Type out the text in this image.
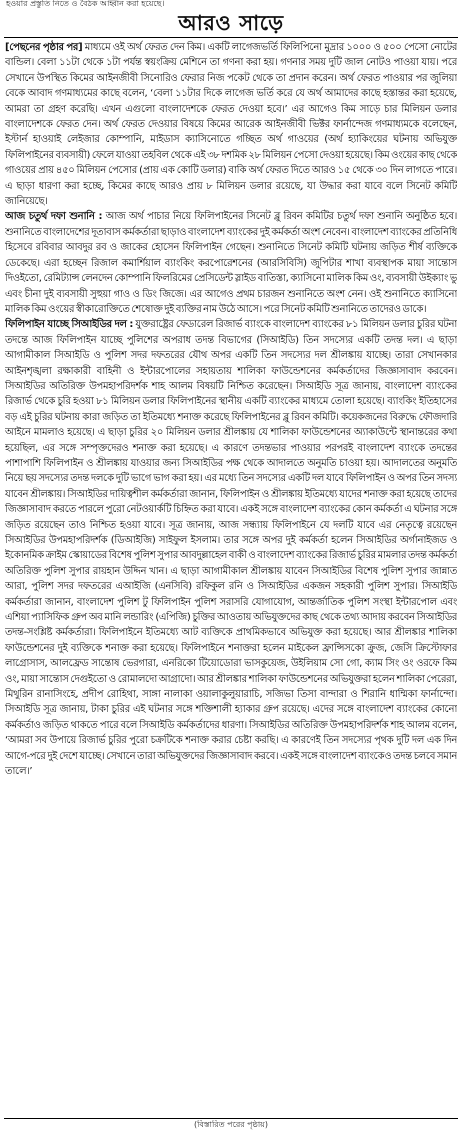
হওয়ার প্রস্তুতি নিতে ও বৈঠক আহ্বান করা হয়েছে।
আরও সাড়ে

[পেছনের পৃষ্ঠার পর] মাধ্যমে ওই অর্থ ফেরত দেন কিম। একটি লাগেজভর্তি ফিলিপিনো মুদ্রার ১০০০ ও ৫০০ পেসো নোটের বান্ডিল। বেলা ১১টা থেকে ১টা পর্যন্ত স্বয়ংক্রিয় মেশিনে তা গণনা করা হয়। গণনার সময় দুটি জাল নোটও পাওয়া যায়। পরে সেখানে উপস্থিত কিমের আইনজীবী সিনোরিও ফেরার নিজ পকেট থেকে তা প্রদান করেন। অর্থ ফেরত পাওয়ার পর জুলিয়া বেকে আবাদ গণমাধ্যমের কাছে বলেন, ‘বেলা ১১টার দিকে লাগেজ ভর্তি করে যে অর্থ আমাদের কাছে হস্তান্তর করা হয়েছে, আমরা তা গ্রহণ করেছি। এখন এগুলো বাংলাদেশকে ফেরত দেওয়া হবে।’ এর আগেও কিম সাড়ে চার মিলিয়ন ডলার বাংলাদেশকে ফেরত দেন। অর্থ ফেরত দেওয়ার বিষয়ে কিমের আরেক আইনজীবী ভিক্টর ফার্নান্দেজ গণমাধ্যমকে বলেছেন, ইস্টার্ন হাওয়াই লেইজার কোম্পানি, মাইডাস ক্যাসিনোতে গচ্ছিত অর্থ গাওয়ের (অর্থ হ্যাকিংয়ের ঘটনায় অভিযুক্ত ফিলিপাইনের ব্যবসায়ী) ফেলে যাওয়া তহবিল থেকে এই ৩৮ দশমিক ২৮ মিলিয়ন পেসো দেওয়া হয়েছে। কিম ওংয়ের কাছ থেকে গাওয়ের প্রায় ৪৫০ মিলিয়ন পেসোর (প্রায় এক কোটি ডলার) বাকি অর্থ ফেরত দিতে আরও ১৫ থেকে ৩০ দিন লাগতে পারে। এ ছাড়া ধারণা করা হচ্ছে, কিমের কাছে আরও প্রায় ৮ মিলিয়ন ডলার রয়েছে, যা উদ্ধার করা যাবে বলে সিনেট কমিটি জানিয়েছে।

আজ চতুর্থ দফা শুনানি : আজ অর্থ পাচার নিয়ে ফিলিপাইনের সিনেট ব্লু রিবন কমিটির চতুর্থ দফা শুনানি অনুষ্ঠিত হবে। শুনানিতে বাংলাদেশের দূতাবাস কর্মকর্তারা ছাড়াও বাংলাদেশ ব্যাংকের দুই কর্মকর্তা অংশ নেবেন। বাংলাদেশ ব্যাংকের প্রতিনিধি হিসেবে রবিবার আবদুর রব ও জাকের হোসেন ফিলিপাইন গেছেন। শুনানিতে সিনেট কমিটি ঘটনায় জড়িত শীর্ষ ব্যক্তিকে ডেকেছে। এরা হচ্ছেন রিজাল কমার্শিয়াল ব্যাংকিং করপোরেশনের (আরসিবিসি) জুপিটার শাখা ব্যবস্থাপক মায়া সান্তোস দিওইতো, রেমিট্যান্স লেনদেন কোম্পানি ফিলরিমের প্রেসিডেন্ট স্লাইড বাতিস্তা, ক্যাসিনো মালিক কিম ওং, ব্যবসায়ী উইক্যাং ভু এবং চীনা দুই ব্যবসায়ী সুহুয়া গাও ও ডিং জিজে। এর আগেও প্রথম চারজন শুনানিতে অংশ নেন। ওই শুনানিতে ক্যাসিনো মালিক কিম ওংয়ের স্বীকারোক্তিতে শেষোক্ত দুই ব্যক্তির নাম উঠে আসে। পরে সিনেট কমিটি শুনানিতে তাদেরও ডাকে।

ফিলিপাইন যাচ্ছে সিআইডির দল : যুক্তরাষ্ট্রের ফেডারেল রিজার্ভ ব্যাংকে বাংলাদেশ ব্যাংকের ৮১ মিলিয়ন ডলার চুরির ঘটনা তদন্তে আজ ফিলিপাইন যাচ্ছে পুলিশের অপরাধ তদন্ত বিভাগের (সিআইডি) তিন সদস্যের একটি তদন্ত দল। এ ছাড়া আগামীকাল সিআইডি ও পুলিশ সদর দফতরের যৌথ অপর একটি তিন সদস্যের দল শ্রীলঙ্কায় যাচ্ছে। তারা সেখানকার আইনশৃঙ্খলা রক্ষাকারী বাহিনী ও ইন্টারপোলের সহায়তায় শালিকা ফাউন্ডেশনের কর্মকর্তাদের জিজ্ঞাসাবাদ করবেন। সিআইডির অতিরিক্ত উপমহাপরিদর্শক শাহ আলম বিষয়টি নিশ্চিত করেছেন। সিআইডি সূত্র জানায়, বাংলাদেশ ব্যাংকের রিজার্ভ থেকে চুরি হওয়া ৮১ মিলিয়ন ডলার ফিলিপাইনের স্থানীয় একটি ব্যাংকের মাধ্যমে তোলা হয়েছে। ব্যাংকিং ইতিহাসের বড় এই চুরির ঘটনায় কারা জড়িত তা ইতিমধ্যে শনাক্ত করেছে ফিলিপাইনের ব্লু রিবন কমিটি। কয়েকজনের বিরুদ্ধে ফৌজদারি আইনে মামলাও হয়েছে। এ ছাড়া চুরির ২০ মিলিয়ন ডলার শ্রীলঙ্কায় যে শালিকা ফাউন্ডেশনের অ্যাকাউন্টে স্থানান্তরের কথা হয়েছিল, এর সঙ্গে সম্পৃক্তদেরও শনাক্ত করা হয়েছে। এ কারণে তদন্তভার পাওয়ার পরপরই বাংলাদেশ ব্যাংকে তদন্তের পাশাপাশি ফিলিপাইন ও শ্রীলঙ্কায় যাওয়ার জন্য সিআইডির পক্ষ থেকে আদালতে অনুমতি চাওয়া হয়। আদালতের অনুমতি নিয়ে ছয় সদস্যের তদন্ত দলকে দুটি ভাগে ভাগ করা হয়। এর মধ্যে তিন সদস্যের একটি দল যাবে ফিলিপাইন ও অপর তিন সদস্য যাবেন শ্রীলঙ্কায়। সিআইডির দায়িত্বশীল কর্মকর্তারা জানান, ফিলিপাইন ও শ্রীলঙ্কায় ইতিমধ্যে যাদের শনাক্ত করা হয়েছে তাদের জিজ্ঞাসাবাদ করতে পারলে পুরো নেটওয়ার্কটি চিহ্নিত করা যাবে। একই সঙ্গে বাংলাদেশ ব্যাংকের কোন কর্মকর্তা এ ঘটনার সঙ্গে জড়িত রয়েছেন তাও নিশ্চিত হওয়া যাবে। সূত্র জানায়, আজ সন্ধ্যায় ফিলিপাইনে যে দলটি যাবে এর নেতৃত্বে রয়েছেন সিআইডির উপমহাপরিদর্শক (ডিআইজি) সাইফুল ইসলাম। তার সঙ্গে অপর দুই কর্মকর্তা হলেন সিআইডির অর্গানাইজড ও ইকোনমিক ক্রাইম স্কোয়াডের বিশেষ পুলিশ সুপার আবদুল্লাহেল বাকী ও বাংলাদেশ ব্যাংকের রিজার্ভ চুরির মামলার তদন্ত কর্মকর্তা অতিরিক্ত পুলিশ সুপার রায়হান উদ্দিন খান। এ ছাড়া আগামীকাল শ্রীলঙ্কায় যাবেন সিআইডির বিশেষ পুলিশ সুপার জান্নাত আরা, পুলিশ সদর দফতরের এআইজি (এনসিবি) রফিকুল রনি ও সিআইডির একজন সহকারী পুলিশ সুপার। সিআইডি কর্মকর্তারা জানান, বাংলাদেশ পুলিশ টু ফিলিপাইন পুলিশ সরাসরি যোগাযোগ, আন্তর্জাতিক পুলিশ সংস্থা ইন্টারপোল এবং এশিয়া প্যাসিফিক গ্রুপ অব মানি লন্ডারিং (এপিজি) চুক্তির আওতায় অভিযুক্তদের কাছ থেকে তথ্য আদায় করবেন সিআইডির তদন্ত-সংশ্লিষ্ট কর্মকর্তারা। ফিলিপাইনে ইতিমধ্যে আট ব্যক্তিকে প্রাথমিকভাবে অভিযুক্ত করা হয়েছে। আর শ্রীলঙ্কার শালিকা ফাউন্ডেশনের দুই ব্যক্তিকে শনাক্ত করা হয়েছে। ফিলিপাইনে শনাক্তরা হলেন মাইকেল ফ্রান্সিসকো ক্রুজ, জেসি ক্রিস্টোফার লাগ্রোসাস, আলফ্রেড সান্তোষ ভেরগারা, এনরিকো টিয়োডোরা ভাসকুয়েজ, উইলিয়াম সো গো, ক্যাম সিং ওং ওরফে কিম ওং, মায়া সান্তোস দেগুইতো ও রোমালদো আগ্রাদো। আর শ্রীলঙ্কার শালিকা ফাউন্ডেশনের অভিযুক্তরা হলেন শালিকা পেরেরা, মিথুরিন রানাসিংহে, প্রদীপ রোহিথা, সাঙ্গা নালাকা ওয়ালাকুলুয়ারাচি, সজিভা তিসা বান্দারা ও শিরানি ধাম্মিকা ফার্নান্দো। সিআইডি সূত্র জানায়, টাকা চুরির এই ঘটনার সঙ্গে শক্তিশালী হ্যাকার গ্রুপ রয়েছে। এদের সঙ্গে বাংলাদেশ ব্যাংকের কোনো কর্মকর্তাও জড়িত থাকতে পারে বলে সিআইডি কর্মকর্তাদের ধারণা। সিআইডির অতিরিক্ত উপমহাপরিদর্শক শাহ আলম বলেন, ‘আমরা সব উপায়ে রিজার্ভ চুরির পুরো চক্রটিকে শনাক্ত করার চেষ্টা করছি। এ কারণেই তিন সদস্যের পৃথক দুটি দল এক দিন আগে-পরে দুই দেশে যাচ্ছে। সেখানে তারা অভিযুক্তদের জিজ্ঞাসাবাদ করবে। একই সঙ্গে বাংলাদেশ ব্যাংকেও তদন্ত চলবে সমান তালে।’

(বিস্তারিত পরের পৃষ্ঠায়)
